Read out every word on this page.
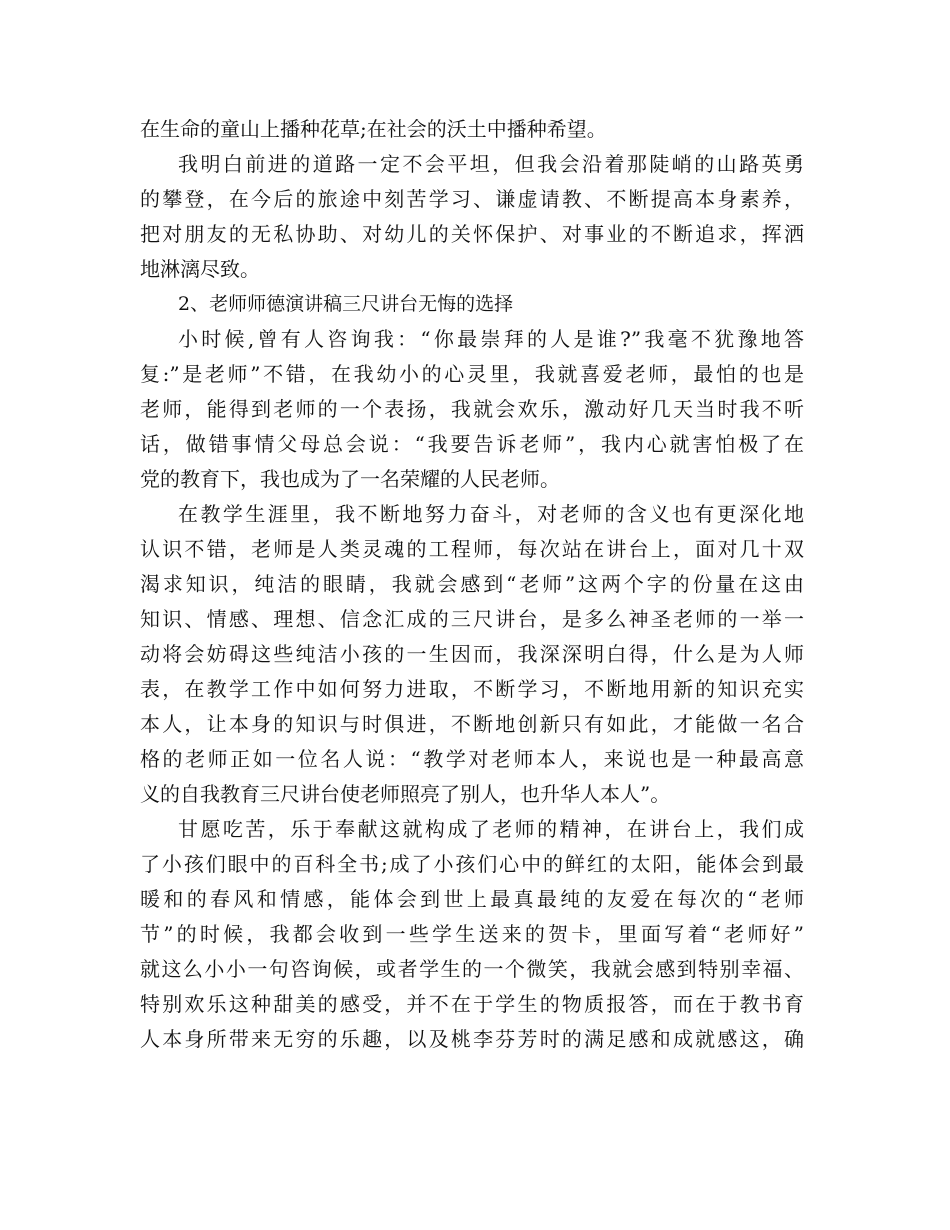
在生命的童山上播种花草;在社会的沃土中播种希望。
我明白前进的道路一定不会平坦，但我会沿着那陡峭的山路英勇
的攀登，在今后的旅途中刻苦学习、谦虚请教、不断提高本身素养，
把对朋友的无私协助、对幼儿的关怀保护、对事业的不断追求，挥洒
地淋漓尽致。
2、老师师德演讲稿三尺讲台无悔的选择
小时候,曾有人咨询我：“你最崇拜的人是谁?”我毫不犹豫地答
复:”是老师”不错，在我幼小的心灵里，我就喜爱老师，最怕的也是
老师，能得到老师的一个表扬，我就会欢乐，激动好几天当时我不听
话，做错事情父母总会说：“我要告诉老师”，我内心就害怕极了在
党的教育下，我也成为了一名荣耀的人民老师。
在教学生涯里，我不断地努力奋斗，对老师的含义也有更深化地
认识不错，老师是人类灵魂的工程师，每次站在讲台上，面对几十双
渴求知识，纯洁的眼睛，我就会感到“老师”这两个字的份量在这由
知识、情感、理想、信念汇成的三尺讲台，是多么神圣老师的一举一
动将会妨碍这些纯洁小孩的一生因而，我深深明白得，什么是为人师
表，在教学工作中如何努力进取，不断学习，不断地用新的知识充实
本人，让本身的知识与时俱进，不断地创新只有如此，才能做一名合
格的老师正如一位名人说：“教学对老师本人，来说也是一种最高意
义的自我教育三尺讲台使老师照亮了别人，也升华人本人”。
甘愿吃苦，乐于奉献这就构成了老师的精神，在讲台上，我们成
了小孩们眼中的百科全书;成了小孩们心中的鲜红的太阳，能体会到最
暖和的春风和情感，能体会到世上最真最纯的友爱在每次的“老师
节”的时候，我都会收到一些学生送来的贺卡，里面写着“老师好”
就这么小小一句咨询候，或者学生的一个微笑，我就会感到特别幸福、
特别欢乐这种甜美的感受，并不在于学生的物质报答，而在于教书育
人本身所带来无穷的乐趣，以及桃李芬芳时的满足感和成就感这，确
